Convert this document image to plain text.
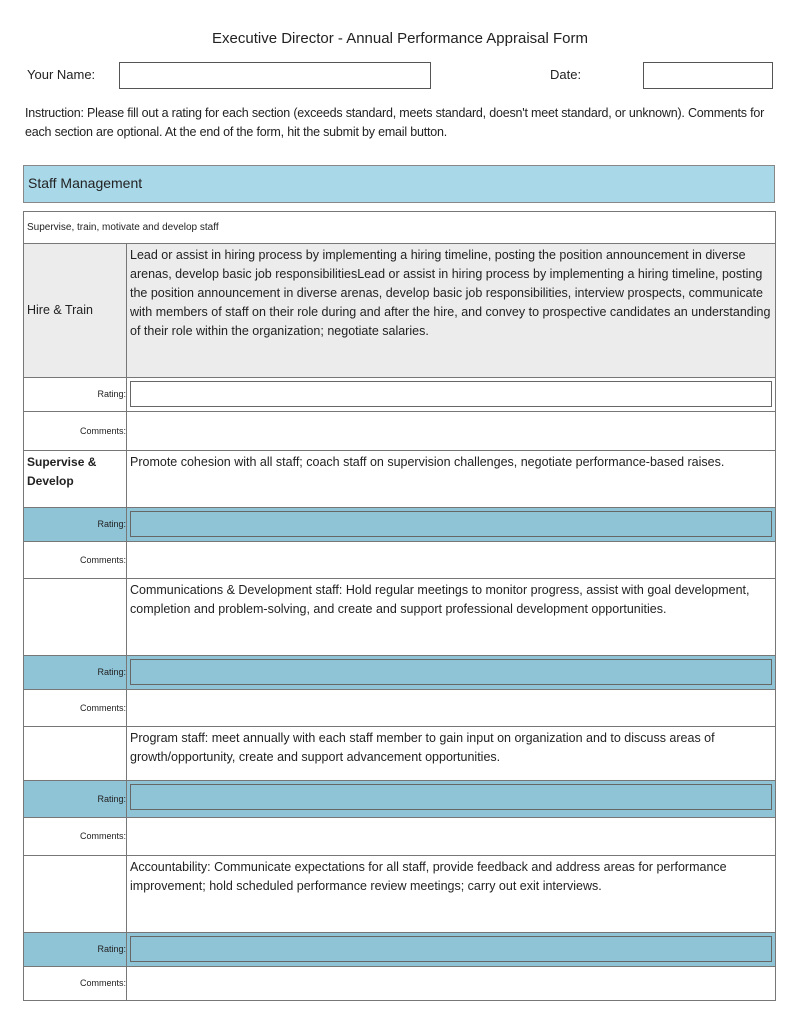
Executive Director - Annual Performance Appraisal Form
Your Name:	Date:
Instruction: Please fill out a rating for each section (exceeds standard, meets standard, doesn't meet standard, or unknown). Comments for each section are optional. At the end of the form, hit the submit by email button.
Staff Management
Supervise, train, motivate and develop staff	
Hire & Train	Lead or assist in hiring process by implementing a hiring timeline, posting the position announcement in diverse arenas, develop basic job responsibilitiesLead or assist in hiring process by implementing a hiring timeline, posting the position announcement in diverse arenas, develop basic job responsibilities, interview prospects, communicate with members of staff on their role during and after the hire, and convey to prospective candidates an understanding of their role within the organization; negotiate salaries.
Rating:	

Comments:	
Supervise & Develop	Promote cohesion with all staff; coach staff on supervision challenges, negotiate performance-based raises.
Rating:	

Comments:	
	Communications & Development staff: Hold regular meetings to monitor progress, assist with goal development, completion and problem-solving, and create and support professional development opportunities.
Rating:	

Comments:	
	Program staff: meet annually with each staff member to gain input on organization and to discuss areas of growth/opportunity, create and support advancement opportunities.
Rating:	

Comments:	
	Accountability: Communicate expectations for all staff, provide feedback and address areas for performance improvement; hold scheduled performance review meetings; carry out exit interviews.
Rating:	

Comments:	
